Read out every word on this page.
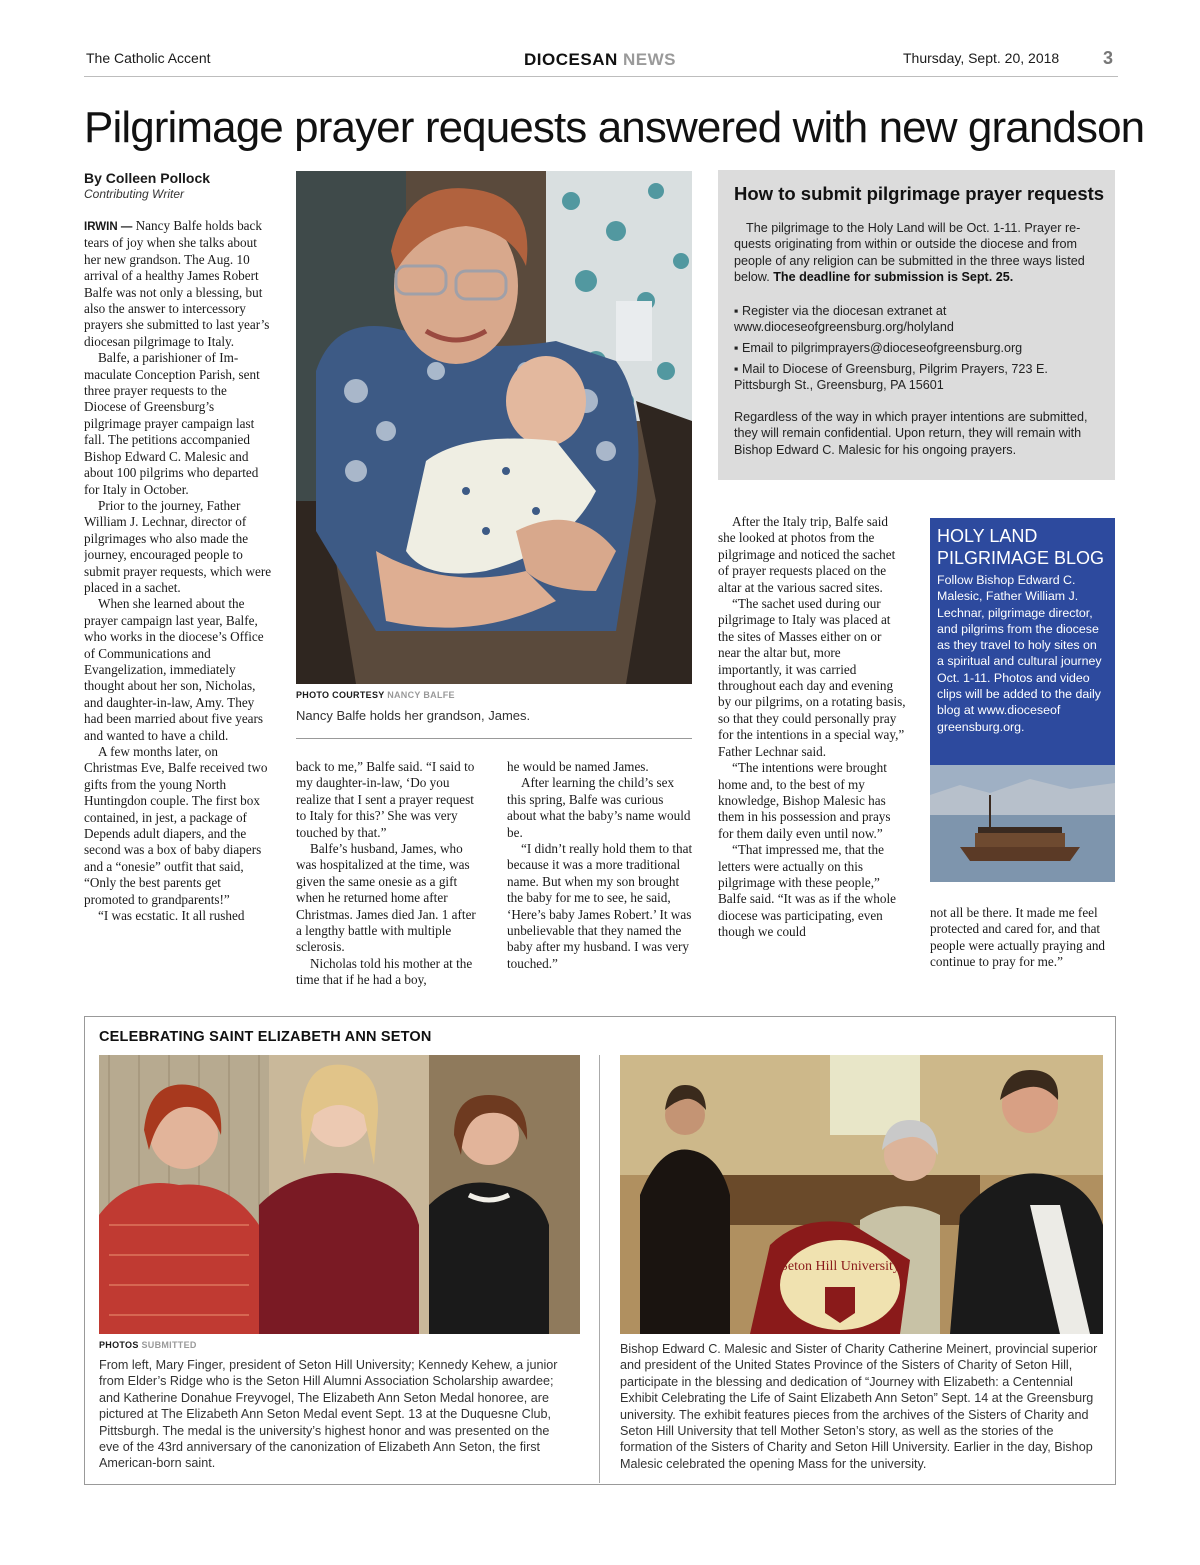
The Catholic Accent	DIOCESAN NEWS	Thursday, Sept. 20, 2018 3
Pilgrimage prayer requests answered with new grandson
By Colleen Pollock
Contributing Writer

IRWIN — Nancy Balfe holds back tears of joy when she talks about her new grandson. The Aug. 10 arrival of a healthy James Robert Balfe was not only a blessing, but also the answer to intercessory prayers she submitted to last year’s diocesan pilgrimage to Italy.

Balfe, a parishioner of Immaculate Conception Parish, sent three prayer requests to the Diocese of Greensburg’s pilgrimage prayer campaign last fall. The petitions accompanied Bishop Edward C. Malesic and about 100 pilgrims who departed for Italy in October.

Prior to the journey, Father William J. Lechnar, director of pilgrimages who also made the journey, encouraged people to submit prayer requests, which were placed in a sachet.

When she learned about the prayer campaign last year, Balfe, who works in the diocese’s Office of Communications and Evangelization, immediately thought about her son, Nicholas, and daughter-in-law, Amy. They had been married about five years and wanted to have a child.

A few months later, on Christmas Eve, Balfe received two gifts from the young North Huntingdon couple. The first box contained, in jest, a package of Depends adult diapers, and the second was a box of baby diapers and a “onesie” outfit that said, “Only the best parents get promoted to grandparents!”

“I was ecstatic. It all rushed

back to me,” Balfe said. “I said to my daughter-in-law, ‘Do you realize that I sent a prayer request to Italy for this?’ She was very touched by that.”

Balfe’s husband, James, who was hospitalized at the time, was given the same onesie as a gift when he returned home after Christmas. James died Jan. 1 after a lengthy battle with multiple sclerosis.

Nicholas told his mother at the time that if he had a boy,

he would be named James.

After learning the child’s sex this spring, Balfe was curious about what the baby’s name would be.

“I didn’t really hold them to that because it was a more traditional name. But when my son brought the baby for me to see, he said, ‘Here’s baby James Robert.’ It was unbelievable that they named the baby after my husband. I was very touched.”

After the Italy trip, Balfe said she looked at photos from the pilgrimage and noticed the sachet of prayer requests placed on the altar at the various sacred sites.

“The sachet used during our pilgrimage to Italy was placed at the sites of Masses either on or near the altar but, more importantly, it was carried throughout each day and evening by our pilgrims, on a rotating basis, so that they could personally pray for the intentions in a special way,” Father Lechnar said.

“The intentions were brought home and, to the best of my knowledge, Bishop Malesic has them in his possession and prays for them daily even until now.”

“That impressed me, that the letters were actually on this pilgrimage with these people,” Balfe said. “It was as if the whole diocese was participating, even though we could

not all be there. It made me feel protected and cared for, and that people were actually praying and continue to pray for me.”

PHOTO COURTESY NANCY BALFE
Nancy Balfe holds her grandson, James.
How to submit pilgrimage prayer requests
The pilgrimage to the Holy Land will be Oct. 1-11. Prayer requests originating from within or outside the diocese and from people of any religion can be submitted in the three ways listed below. The deadline for submission is Sept. 25.
▪ Register via the diocesan extranet at www.dioceseofgreensburg.org/holyland
▪ Email to pilgrimprayers@dioceseofgreensburg.org
▪ Mail to Diocese of Greensburg, Pilgrim Prayers, 723 E. Pittsburgh St., Greensburg, PA 15601
Regardless of the way in which prayer intentions are submitted, they will remain confidential. Upon return, they will remain with Bishop Edward C. Malesic for his ongoing prayers.
HOLY LAND
PILGRIMAGE BLOG
Follow Bishop Edward C. Malesic, Father William J. Lechnar, pilgrimage director, and pilgrims from the diocese as they travel to holy sites on a spiritual and cultural journey Oct. 1-11. Photos and video clips will be added to the daily blog at www.dioceseof greensburg.org.
CELEBRATING SAINT ELIZABETH ANN SETON
PHOTOS SUBMITTED
From left, Mary Finger, president of Seton Hill University; Kennedy Kehew, a junior from Elder’s Ridge who is the Seton Hill Alumni Association Scholarship awardee; and Katherine Donahue Freyvogel, The Elizabeth Ann Seton Medal honoree, are pictured at The Elizabeth Ann Seton Medal event Sept. 13 at the Duquesne Club, Pittsburgh. The medal is the university’s highest honor and was presented on the eve of the 43rd anniversary of the canonization of Elizabeth Ann Seton, the first American-born saint.
Seton Hill University
Bishop Edward C. Malesic and Sister of Charity Catherine Meinert, provincial superior and president of the United States Province of the Sisters of Charity of Seton Hill, participate in the blessing and dedication of “Journey with Elizabeth: a Centennial Exhibit Celebrating the Life of Saint Elizabeth Ann Seton” Sept. 14 at the Greensburg university. The exhibit features pieces from the archives of the Sisters of Charity and Seton Hill University that tell Mother Seton’s story, as well as the stories of the formation of the Sisters of Charity and Seton Hill University. Earlier in the day, Bishop Malesic celebrated the opening Mass for the university.
